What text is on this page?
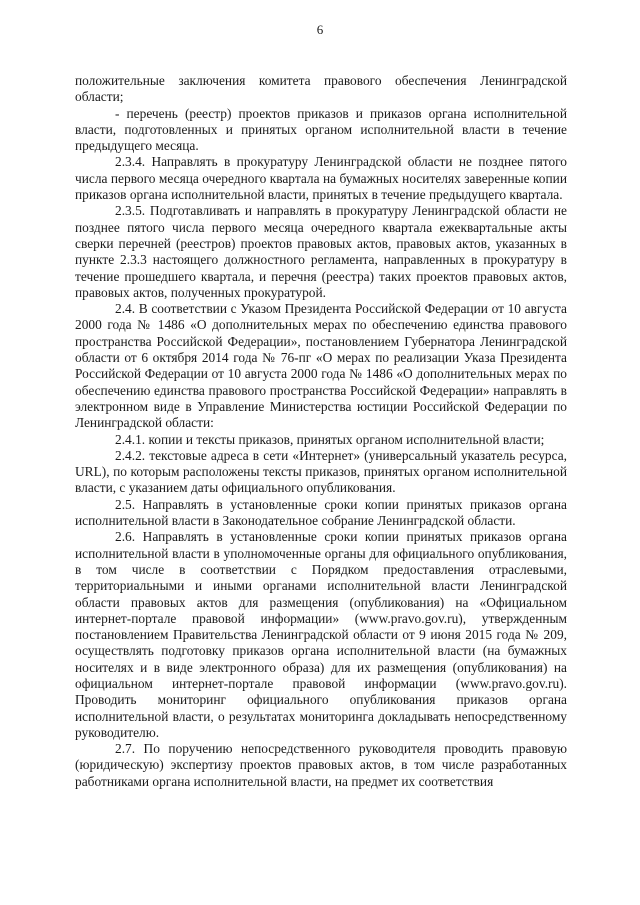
6

положительные заключения комитета правового обеспечения Ленинградской области;

- перечень (реестр) проектов приказов и приказов органа исполнительной власти, подготовленных и принятых органом исполнительной власти в течение предыдущего месяца.

2.3.4. Направлять в прокуратуру Ленинградской области не позднее пятого числа первого месяца очередного квартала на бумажных носителях заверенные копии приказов органа исполнительной власти, принятых в течение предыдущего квартала.

2.3.5. Подготавливать и направлять в прокуратуру Ленинградской области не позднее пятого числа первого месяца очередного квартала ежеквартальные акты сверки перечней (реестров) проектов правовых актов, правовых актов, указанных в пункте 2.3.3 настоящего должностного регламента, направленных в прокуратуру в течение прошедшего квартала, и перечня (реестра) таких проектов правовых актов, правовых актов, полученных прокуратурой.

2.4. В соответствии с Указом Президента Российской Федерации от 10 августа 2000 года № 1486 «О дополнительных мерах по обеспечению единства правового пространства Российской Федерации», постановлением Губернатора Ленинградской области от 6 октября 2014 года № 76-пг «О мерах по реализации Указа Президента Российской Федерации от 10 августа 2000 года № 1486 «О дополнительных мерах по обеспечению единства правового пространства Российской Федерации» направлять в электронном виде в Управление Министерства юстиции Российской Федерации по Ленинградской области:

2.4.1. копии и тексты приказов, принятых органом исполнительной власти;

2.4.2. текстовые адреса в сети «Интернет» (универсальный указатель ресурса, URL), по которым расположены тексты приказов, принятых органом исполнительной власти, с указанием даты официального опубликования.

2.5. Направлять в установленные сроки копии принятых приказов органа исполнительной власти в Законодательное собрание Ленинградской области.

2.6. Направлять в установленные сроки копии принятых приказов органа исполнительной власти в уполномоченные органы для официального опубликования, в том числе в соответствии с Порядком предоставления отраслевыми, территориальными и иными органами исполнительной власти Ленинградской области правовых актов для размещения (опубликования) на «Официальном интернет-портале правовой информации» (www.pravo.gov.ru), утвержденным постановлением Правительства Ленинградской области от 9 июня 2015 года № 209, осуществлять подготовку приказов органа исполнительной власти (на бумажных носителях и в виде электронного образа) для их размещения (опубликования) на официальном интернет-портале правовой информации (www.pravo.gov.ru). Проводить мониторинг официального опубликования приказов органа исполнительной власти, о результатах мониторинга докладывать непосредственному руководителю.

2.7. По поручению непосредственного руководителя проводить правовую (юридическую) экспертизу проектов правовых актов, в том числе разработанных работниками органа исполнительной власти, на предмет их соответствия
